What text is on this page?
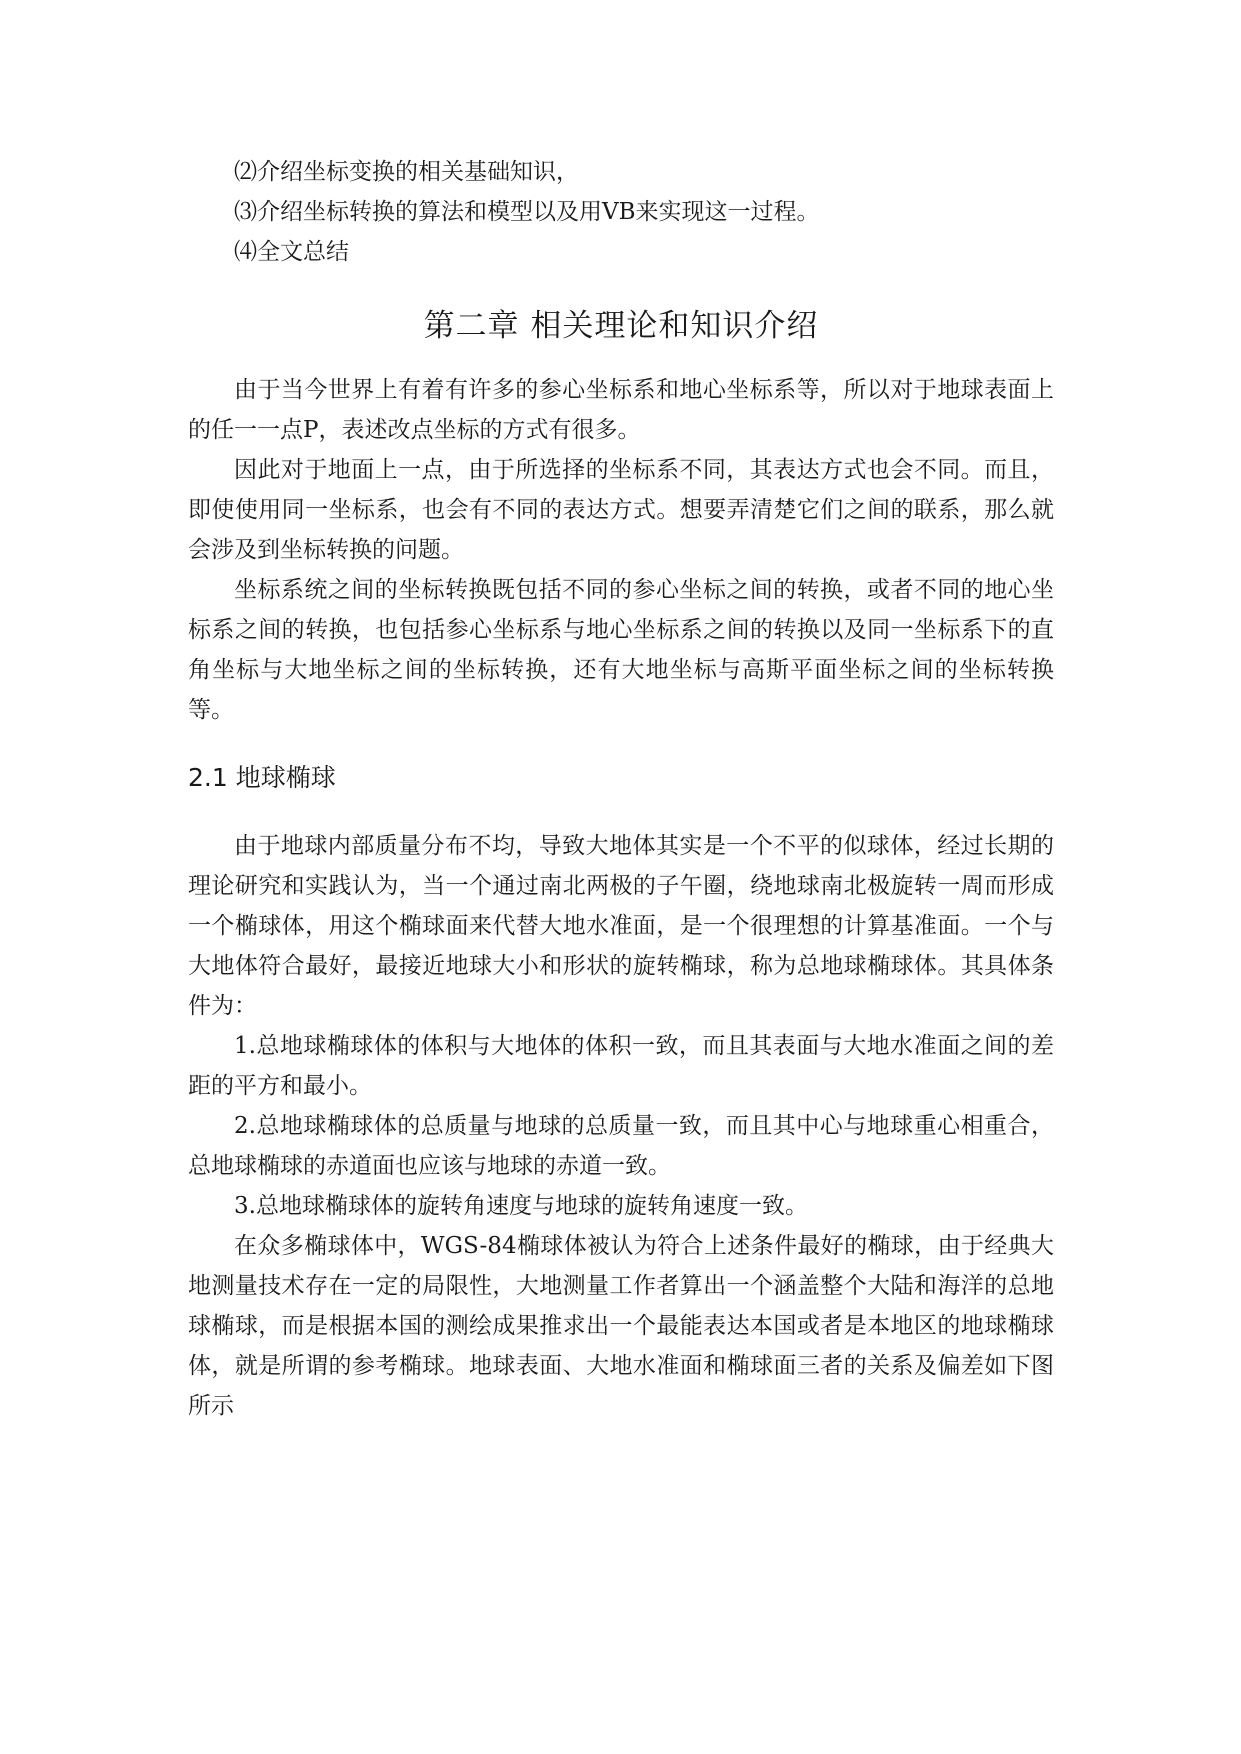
⑵介绍坐标变换的相关基础知识，

⑶介绍坐标转换的算法和模型以及用VB来实现这一过程。

⑷全文总结

第二章 相关理论和知识介绍

由于当今世界上有着有许多的参心坐标系和地心坐标系等，所以对于地球表面上的任一一点P，表述改点坐标的方式有很多。

因此对于地面上一点，由于所选择的坐标系不同，其表达方式也会不同。而且，即使使用同一坐标系，也会有不同的表达方式。想要弄清楚它们之间的联系，那么就会涉及到坐标转换的问题。

坐标系统之间的坐标转换既包括不同的参心坐标之间的转换，或者不同的地心坐标系之间的转换，也包括参心坐标系与地心坐标系之间的转换以及同一坐标系下的直角坐标与大地坐标之间的坐标转换，还有大地坐标与高斯平面坐标之间的坐标转换等。

2.1 地球椭球

由于地球内部质量分布不均，导致大地体其实是一个不平的似球体，经过长期的理论研究和实践认为，当一个通过南北两极的子午圈，绕地球南北极旋转一周而形成一个椭球体，用这个椭球面来代替大地水准面，是一个很理想的计算基准面。一个与大地体符合最好，最接近地球大小和形状的旋转椭球，称为总地球椭球体。其具体条件为：

1.总地球椭球体的体积与大地体的体积一致，而且其表面与大地水准面之间的差距的平方和最小。

2.总地球椭球体的总质量与地球的总质量一致，而且其中心与地球重心相重合，总地球椭球的赤道面也应该与地球的赤道一致。

3.总地球椭球体的旋转角速度与地球的旋转角速度一致。

在众多椭球体中，WGS-84椭球体被认为符合上述条件最好的椭球，由于经典大地测量技术存在一定的局限性，大地测量工作者算出一个涵盖整个大陆和海洋的总地球椭球，而是根据本国的测绘成果推求出一个最能表达本国或者是本地区的地球椭球体，就是所谓的参考椭球。地球表面、大地水准面和椭球面三者的关系及偏差如下图所示
